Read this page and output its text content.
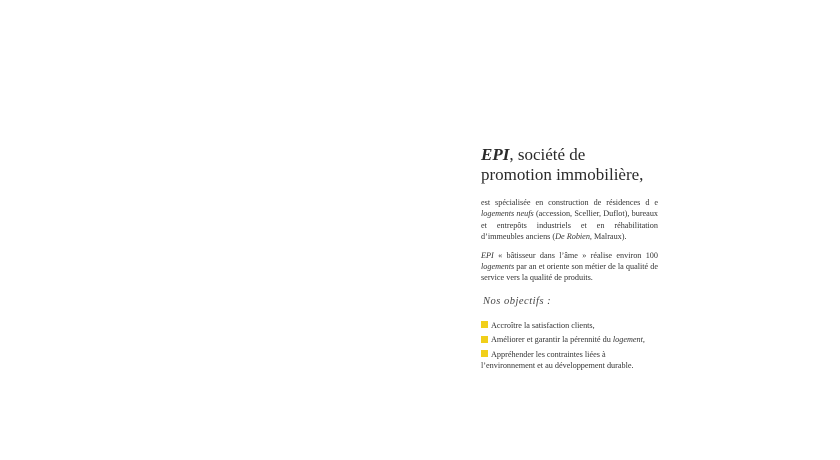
EPI, société de promotion immobilière,

est spécialisée en construction de résidences d e logements neufs (accession, Scellier, Duflot), bureaux et entrepôts industriels et en réhabilitation d’immeubles anciens (De Robien, Malraux).

EPI « bâtisseur dans l’âme » réalise environ 100 logements par an et oriente son métier de la qualité de service vers la qualité de produits.

Nos objectifs :
Accroître la satisfaction clients,
Améliorer et garantir la pérennité du logement,
Appréhender les contraintes liées à l’environnement et au développement durable.
